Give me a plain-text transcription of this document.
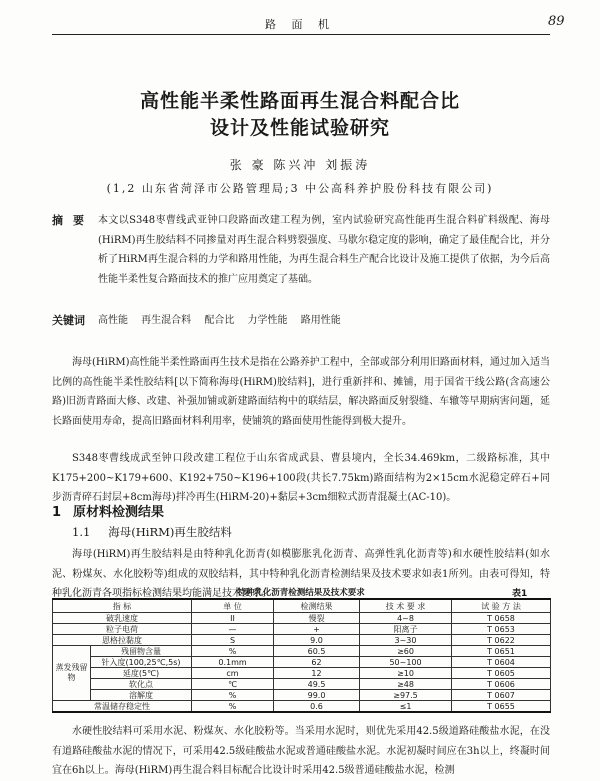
路 面 机	89
高性能半柔性路面再生混合料配合比
设计及性能试验研究
张 豪 陈兴冲 刘振涛
(1,2 山东省菏泽市公路管理局;3 中公高科养护股份科技有限公司)
摘要 本文以S348枣曹线武亚钟口段路面改建工程为例，室内试验研究高性能再生混合料矿料级配、海母(HiRM)再生胶结料不同掺量对再生混合料劈裂强度、马歇尔稳定度的影响，确定了最佳配合比，并分析了HiRM再生混合料的力学和路用性能，为再生混合料生产配合比设计及施工提供了依据，为今后高性能半柔性复合路面技术的推广应用奠定了基础。
关键词 高性能 再生混合料 配合比 力学性能 路用性能
海母(HiRM)高性能半柔性路面再生技术是指在公路养护工程中，全部或部分利用旧路面材料，通过加入适当比例的高性能半柔性胶结料[以下简称海母(HiRM)胶结料]，进行重新拌和、摊铺，用于国省干线公路(含高速公路)旧沥青路面大修、改建、补强加铺或新建路面结构中的联结层，解决路面反射裂缝、车辙等早期病害问题，延长路面使用寿命，提高旧路面材料利用率，使铺筑的路面使用性能得到极大提升。
S348枣曹线成武至钟口段改建工程位于山东省成武县、曹县境内，全长34.469km，二级路标准，其中K175+200~K179+600、K192+750~K196+100段(共长7.75km)路面结构为2×15cm水泥稳定碎石+同步沥青碎石封层+8cm海母)拌冷再生(HiRM-20)+黏层+3cm细粒式沥青混凝土(AC-10)。
1 原材料检测结果
1.1 海母(HiRM)再生胶结料
海母(HiRM)再生胶结料是由特种乳化沥青(如模膨胀乳化沥青、高弹性乳化沥青等)和水硬性胶结料(如水泥、粉煤灰、水化胶粉等)组成的双胶结料，其中特种乳化沥青检测结果及技术要求如表1所列。由表可得知，特种乳化沥青各项指标检测结果均能满足技术要求。
特种乳化沥青检测结果及技术要求	表1
指 标		单 位	检测结果	技 术 要 求	试 验 方 法
破乳速度		II	慢裂	4~8	T 0658
粒子电荷		—	+	阳离子	T 0653
恩格拉黏度		S	9.0	3~30	T 0622
蒸发残留物	残留物含量	%	60.5	≥60	T 0651
	针入度(100,25℃,5s)	0.1mm	62	50~100	T 0604
	延度(5℃)	cm	12	≥10	T 0605
	软化点	℃	49.5	≥48	T 0606
	溶解度	%	99.0	≥97.5	T 0607
常温储存稳定性		%	0.6	≤1	T 0655
水硬性胶结料可采用水泥、粉煤灰、水化胶粉等。当采用水泥时，则优先采用42.5级道路硅酸盐水泥，在没有道路硅酸盐水泥的情况下，可采用42.5级硅酸盐水泥或普通硅酸盐水泥。水泥初凝时间应在3h以上，终凝时间宜在6h以上。海母(HiRM)再生混合料目标配合比设计时采用42.5级普通硅酸盐水泥，检测
